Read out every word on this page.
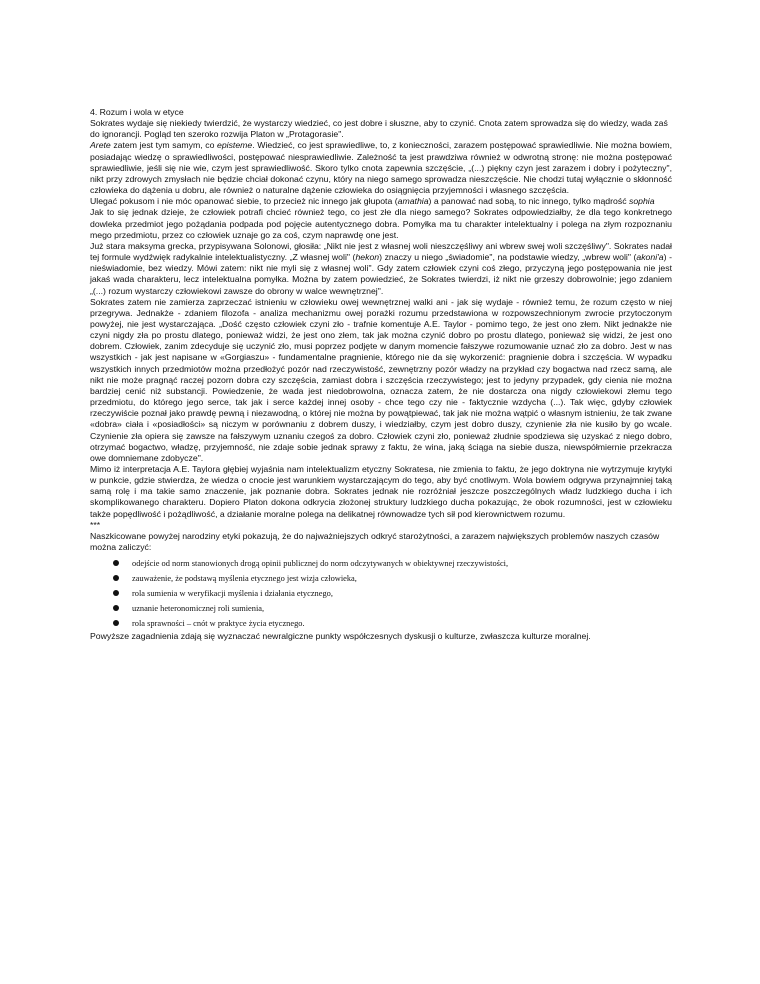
4. Rozum i wola w etyce

Sokrates wydaje się niekiedy twierdzić, że wystarczy wiedzieć, co jest dobre i słuszne, aby to czynić. Cnota zatem sprowadza się do wiedzy, wada zaś do ignorancji. Pogląd ten szeroko rozwija Platon w „Protagorasie".

Arete zatem jest tym samym, co episteme. Wiedzieć, co jest sprawiedliwe, to, z konieczności, zarazem postępować sprawiedliwie. Nie można bowiem, posiadając wiedzę o sprawiedliwości, postępować niesprawiedliwie. Zależność ta jest prawdziwa również w odwrotną stronę: nie można postępować sprawiedliwie, jeśli się nie wie, czym jest sprawiedliwość. Skoro tylko cnota zapewnia szczęście, „(...) piękny czyn jest zarazem i dobry i pożyteczny", nikt przy zdrowych zmysłach nie będzie chciał dokonać czynu, który na niego samego sprowadza nieszczęście. Nie chodzi tutaj wyłącznie o skłonność człowieka do dążenia u dobru, ale również o naturalne dążenie człowieka do osiągnięcia przyjemności i własnego szczęścia.

Ulegać pokusom i nie móc opanować siebie, to przecież nic innego jak głupota (amathia) a panować nad sobą, to nic innego, tylko mądrość sophia

Jak to się jednak dzieje, że człowiek potrafi chcieć również tego, co jest złe dla niego samego? Sokrates odpowiedziałby, że dla tego konkretnego dowleka przedmiot jego pożądania podpada pod pojęcie autentycznego dobra. Pomyłka ma tu charakter intelektualny i polega na złym rozpoznaniu mego przedmiotu, przez co człowiek uznaje go za coś, czym naprawdę one jest.

Już stara maksyma grecka, przypisywana Solonowi, głosiła: „Nikt nie jest z własnej woli nieszczęśliwy ani wbrew swej woli szczęśliwy". Sokrates nadał tej formule wydźwięk radykalnie intelektualistyczny. „Z własnej woli" (hekon) znaczy u niego „świadomie", na podstawie wiedzy, „wbrew woli" (akoni'a) - nieświadomie, bez wiedzy. Mówi zatem: nikt nie myli się z własnej woli". Gdy zatem człowiek czyni coś złego, przyczyną jego postępowania nie jest jakaś wada charakteru, lecz intelektualna pomyłka. Można by zatem powiedzieć, że Sokrates twierdzi, iż nikt nie grzeszy dobrowolnie; jego zdaniem „(...) rozum wystarczy człowiekowi zawsze do obrony w walce wewnętrznej".

Sokrates zatem nie zamierza zaprzeczać istnieniu w człowieku owej wewnętrznej walki ani - jak się wydaje - również temu, że rozum często w niej przegrywa. Jednakże - zdaniem filozofa - analiza mechanizmu owej porażki rozumu przedstawiona w rozpowszechnionym zwrocie przytoczonym powyżej, nie jest wystarczająca. „Dość często człowiek czyni zło - trafnie komentuje A.E. Taylor - pomimo tego, że jest ono złem. Nikt jednakże nie czyni nigdy zła po prostu dlatego, ponieważ widzi, że jest ono złem, tak jak można czynić dobro po prostu dlatego, ponieważ się widzi, że jest ono dobrem. Człowiek, zanim zdecyduje się uczynić zło, musi poprzez podjęte w danym momencie fałszywe rozumowanie uznać zło za dobro. Jest w nas wszystkich - jak jest napisane w «Gorgiaszu» - fundamentalne pragnienie, którego nie da się wykorzenić: pragnienie dobra i szczęścia. W wypadku wszystkich innych przedmiotów można przedłożyć pozór nad rzeczywistość, zewnętrzny pozór władzy na przykład czy bogactwa nad rzecz samą, ale nikt nie może pragnąć raczej pozorn dobra czy szczęścia, zamiast dobra i szczęścia rzeczywistego; jest to jedyny przypadek, gdy cienia nie można bardziej cenić niż substancji. Powiedzenie, że wada jest niedobrowolna, oznacza zatem, że nie dostarcza ona nigdy człowiekowi złemu tego przedmiotu, do którego jego serce, tak jak i serce każdej innej osoby - chce tego czy nie - faktycznie wzdycha (...). Tak więc, gdyby człowiek rzeczywiście poznał jako prawdę pewną i niezawodną, o której nie można by powątpiewać, tak jak nie można wątpić o własnym istnieniu, że tak zwane «dobra» ciała i «posiadłości» są niczym w porównaniu z dobrem duszy, i wiedziałby, czym jest dobro duszy, czynienie zła nie kusiło by go wcale. Czynienie zła opiera się zawsze na fałszywym uznaniu czegoś za dobro. Człowiek czyni zło, ponieważ złudnie spodziewa się uzyskać z niego dobro, otrzymać bogactwo, władzę, przyjemność, nie zdaje sobie jednak sprawy z faktu, że wina, jaką ściąga na siebie dusza, niewspółmiernie przekracza owe domniemane zdobycze".

Mimo iż interpretacja A.E. Taylora głębiej wyjaśnia nam intelektualizm etyczny Sokratesa, nie zmienia to faktu, że jego doktryna nie wytrzymuje krytyki w punkcie, gdzie stwierdza, że wiedza o cnocie jest warunkiem wystarczającym do tego, aby być cnotliwym. Wola bowiem odgrywa przynajmniej taką samą rolę i ma takie samo znaczenie, jak poznanie dobra. Sokrates jednak nie rozróżniał jeszcze poszczególnych władz ludzkiego ducha i ich skomplikowanego charakteru. Dopiero Platon dokona odkrycia złożonej struktury ludzkiego ducha pokazując, że obok rozumności, jest w człowieku także popędliwość i pożądliwość, a działanie moralne polega na delikatnej równowadze tych sił pod kierownictwem rozumu.

***

Naszkicowane powyżej narodziny etyki pokazują, że do najważniejszych odkryć starożytności, a zarazem największych problemów naszych czasów można zaliczyć:

odejście od norm stanowionych drogą opinii publicznej do norm odczytywanych w obiektywnej rzeczywistości,
zauważenie, że podstawą myślenia etycznego jest wizja człowieka,
rola sumienia w weryfikacji myślenia i działania etycznego,
uznanie heteronomicznej roli sumienia,
rola sprawności – cnót w praktyce życia etycznego.

Powyższe zagadnienia zdają się wyznaczać newralgiczne punkty współczesnych dyskusji o kulturze, zwłaszcza kulturze moralnej.
